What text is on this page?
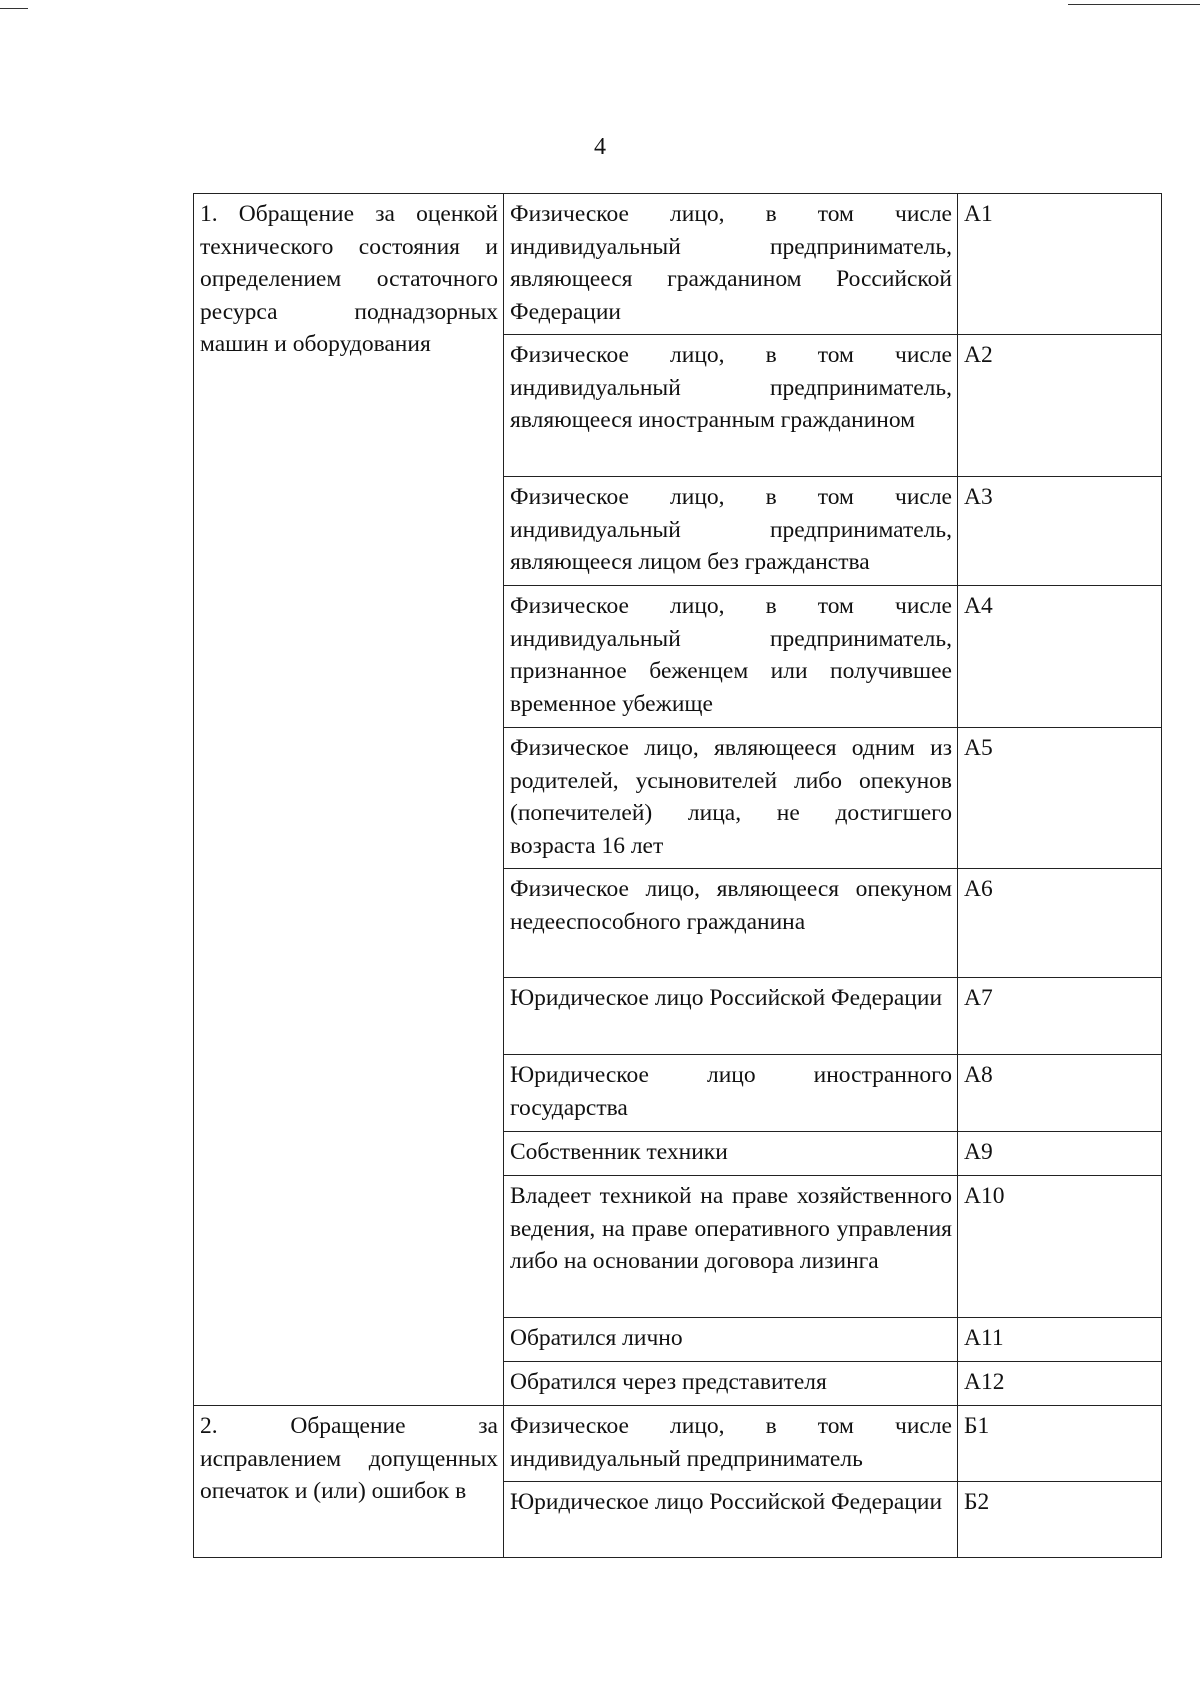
4
1. Обращение за оценкой технического состояния и определением остаточного ресурса поднадзорных машин и оборудования	Физическое лицо, в том числе индивидуальный предприниматель, являющееся гражданином Российской Федерации	А1
	Физическое лицо, в том числе индивидуальный предприниматель, являющееся иностранным гражданином	А2
	Физическое лицо, в том числе индивидуальный предприниматель, являющееся лицом без гражданства	А3
	Физическое лицо, в том числе индивидуальный предприниматель, признанное беженцем или получившее временное убежище	А4
	Физическое лицо, являющееся одним из родителей, усыновителей либо опекунов (попечителей) лица, не достигшего возраста 16 лет	А5
	Физическое лицо, являющееся опекуном недееспособного гражданина	А6
	Юридическое лицо Российской Федерации	А7
	Юридическое лицо иностранного государства	А8
	Собственник техники	А9
	Владеет техникой на праве хозяйственного ведения, на праве оперативного управления либо на основании договора лизинга	А10
	Обратился лично	А11
	Обратился через представителя	А12
2. Обращение за исправлением допущенных опечаток и (или) ошибок в	Физическое лицо, в том числе индивидуальный предприниматель	Б1
	Юридическое лицо Российской Федерации	Б2
